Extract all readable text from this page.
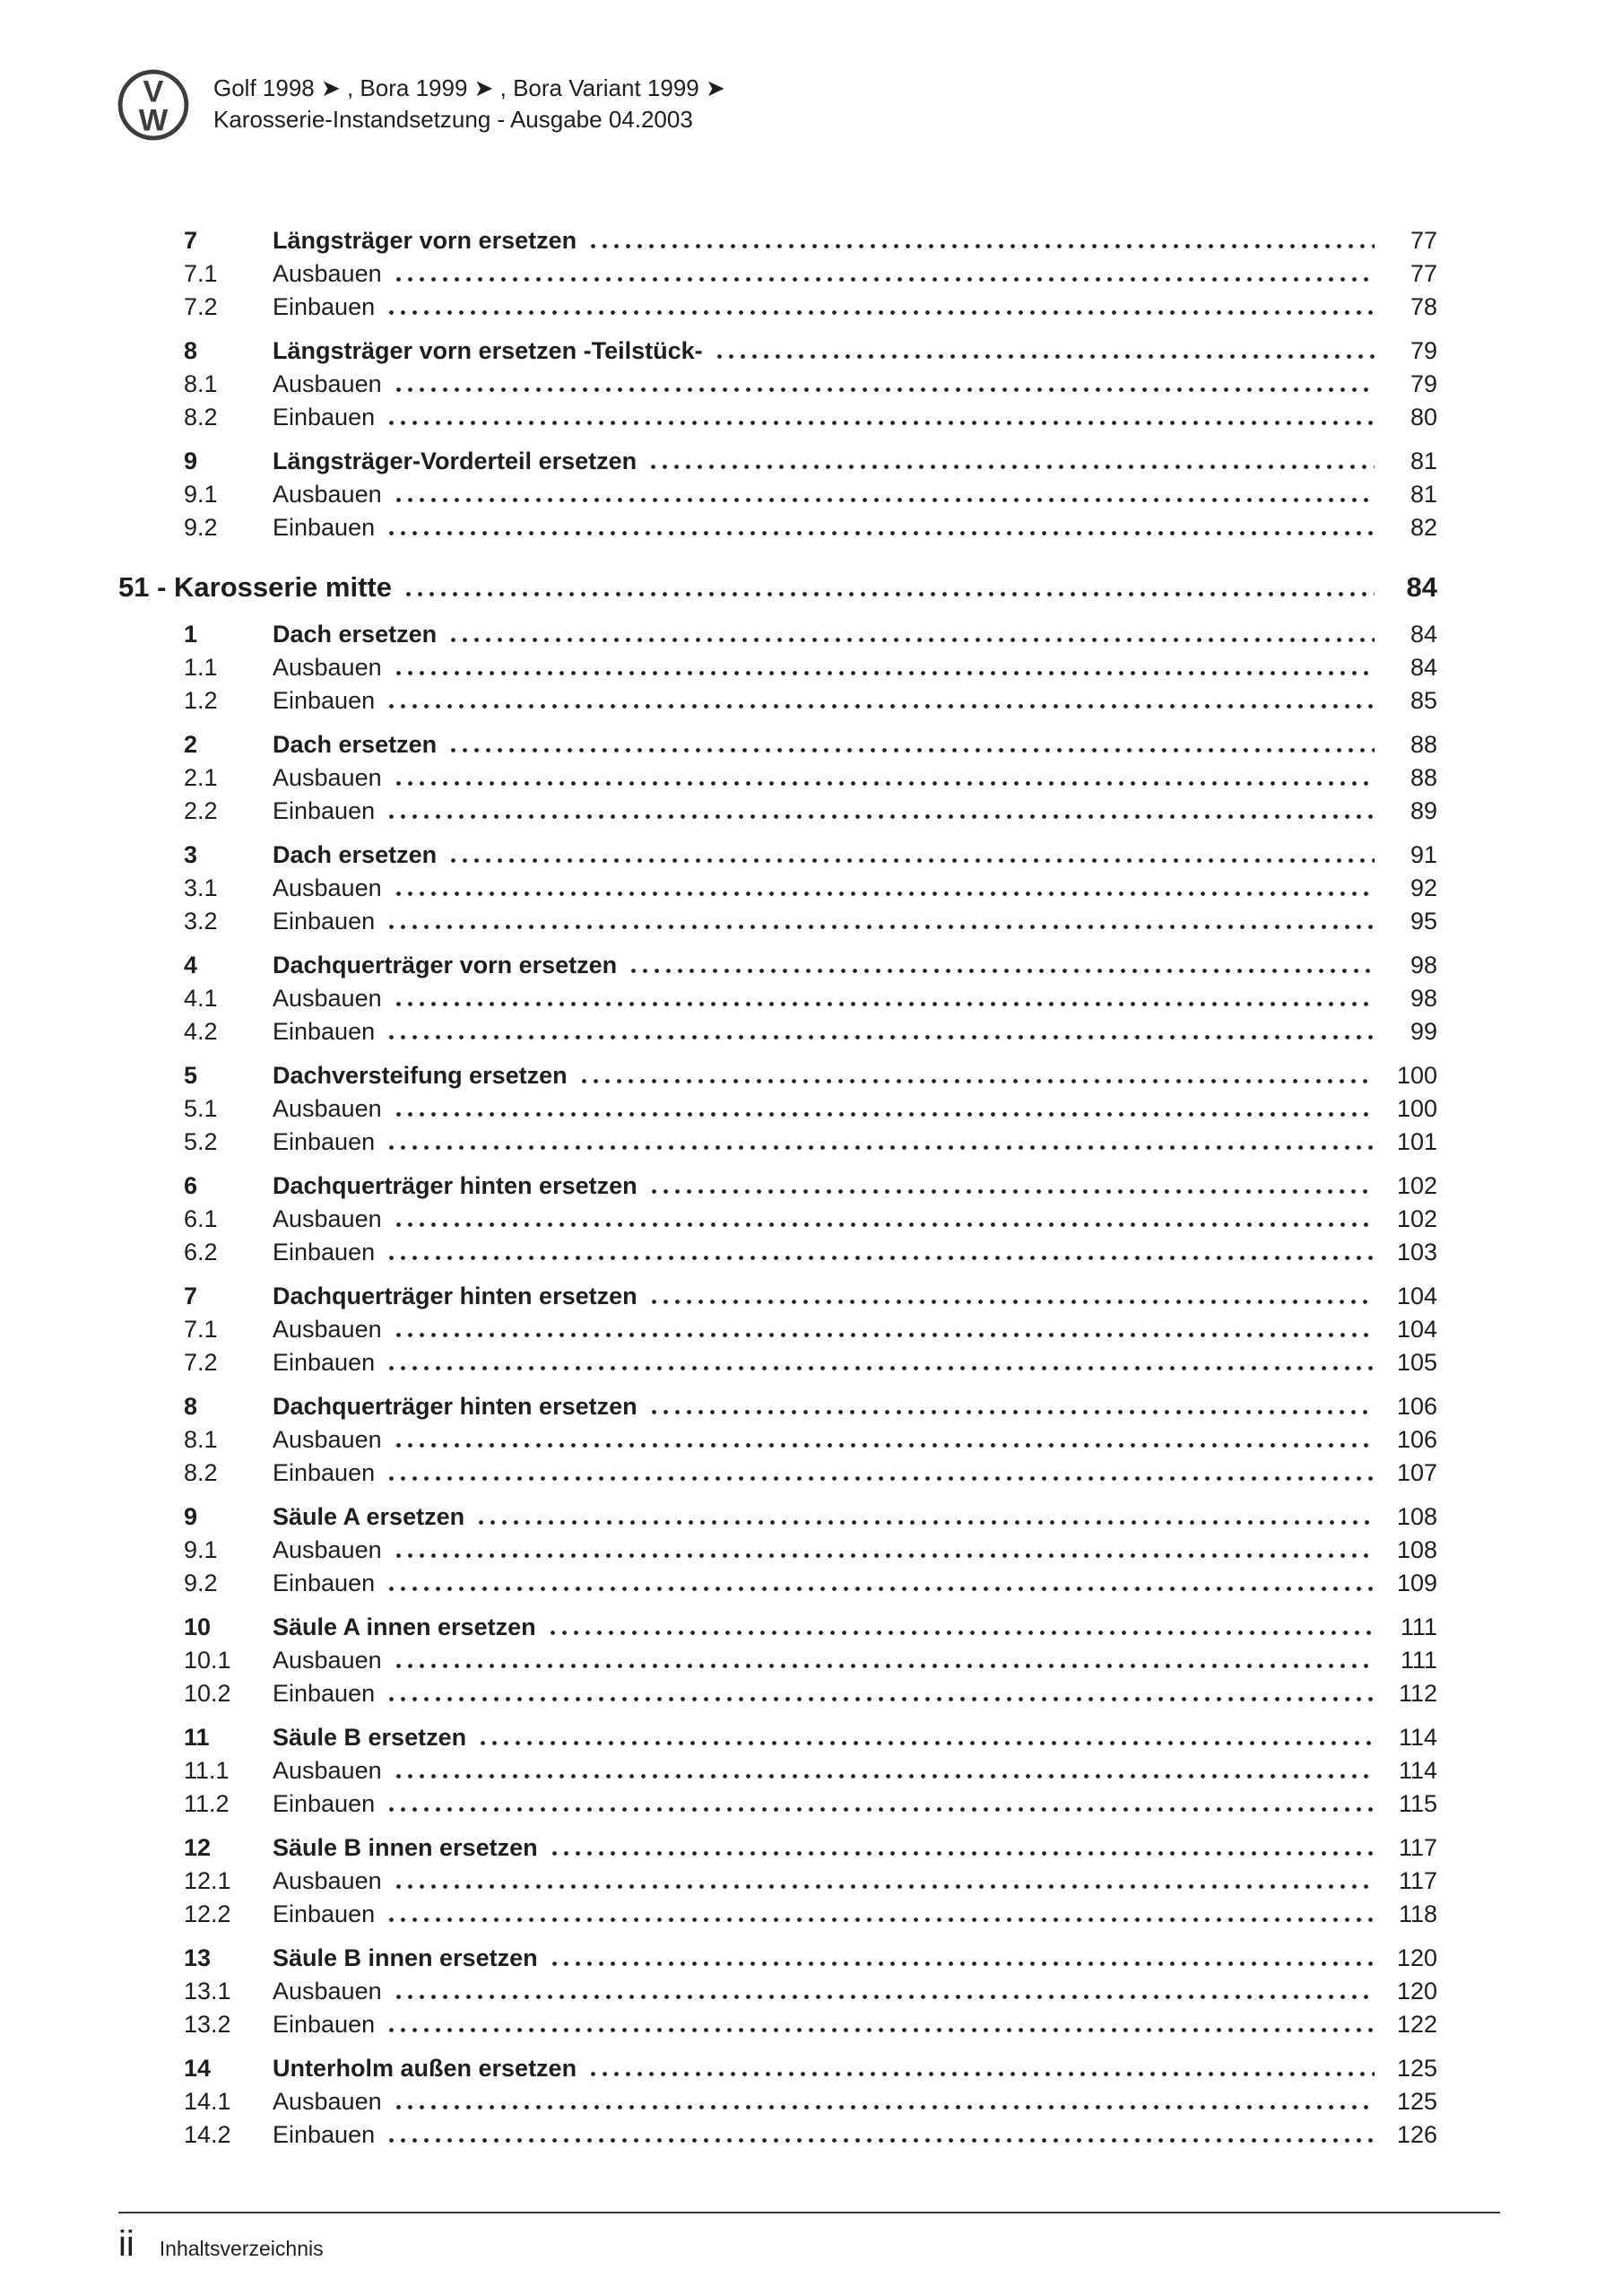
V
W
Golf 1998 ➤ , Bora 1999 ➤ , Bora Variant 1999 ➤
Karosserie-Instandsetzung - Ausgabe 04.2003
7	Längsträger vorn ersetzen	77
7.1	Ausbauen	77
7.2	Einbauen	78
8	Längsträger vorn ersetzen -Teilstück-	79
8.1	Ausbauen	79
8.2	Einbauen	80
9	Längsträger-Vorderteil ersetzen	81
9.1	Ausbauen	81
9.2	Einbauen	82
51 - Karosserie mitte	84
1	Dach ersetzen	84
1.1	Ausbauen	84
1.2	Einbauen	85
2	Dach ersetzen	88
2.1	Ausbauen	88
2.2	Einbauen	89
3	Dach ersetzen	91
3.1	Ausbauen	92
3.2	Einbauen	95
4	Dachquerträger vorn ersetzen	98
4.1	Ausbauen	98
4.2	Einbauen	99
5	Dachversteifung ersetzen	100
5.1	Ausbauen	100
5.2	Einbauen	101
6	Dachquerträger hinten ersetzen	102
6.1	Ausbauen	102
6.2	Einbauen	103
7	Dachquerträger hinten ersetzen	104
7.1	Ausbauen	104
7.2	Einbauen	105
8	Dachquerträger hinten ersetzen	106
8.1	Ausbauen	106
8.2	Einbauen	107
9	Säule A ersetzen	108
9.1	Ausbauen	108
9.2	Einbauen	109
10	Säule A innen ersetzen	111
10.1	Ausbauen	111
10.2	Einbauen	112
11	Säule B ersetzen	114
11.1	Ausbauen	114
11.2	Einbauen	115
12	Säule B innen ersetzen	117
12.1	Ausbauen	117
12.2	Einbauen	118
13	Säule B innen ersetzen	120
13.1	Ausbauen	120
13.2	Einbauen	122
14	Unterholm außen ersetzen	125
14.1	Ausbauen	125
14.2	Einbauen	126
ii Inhaltsverzeichnis
